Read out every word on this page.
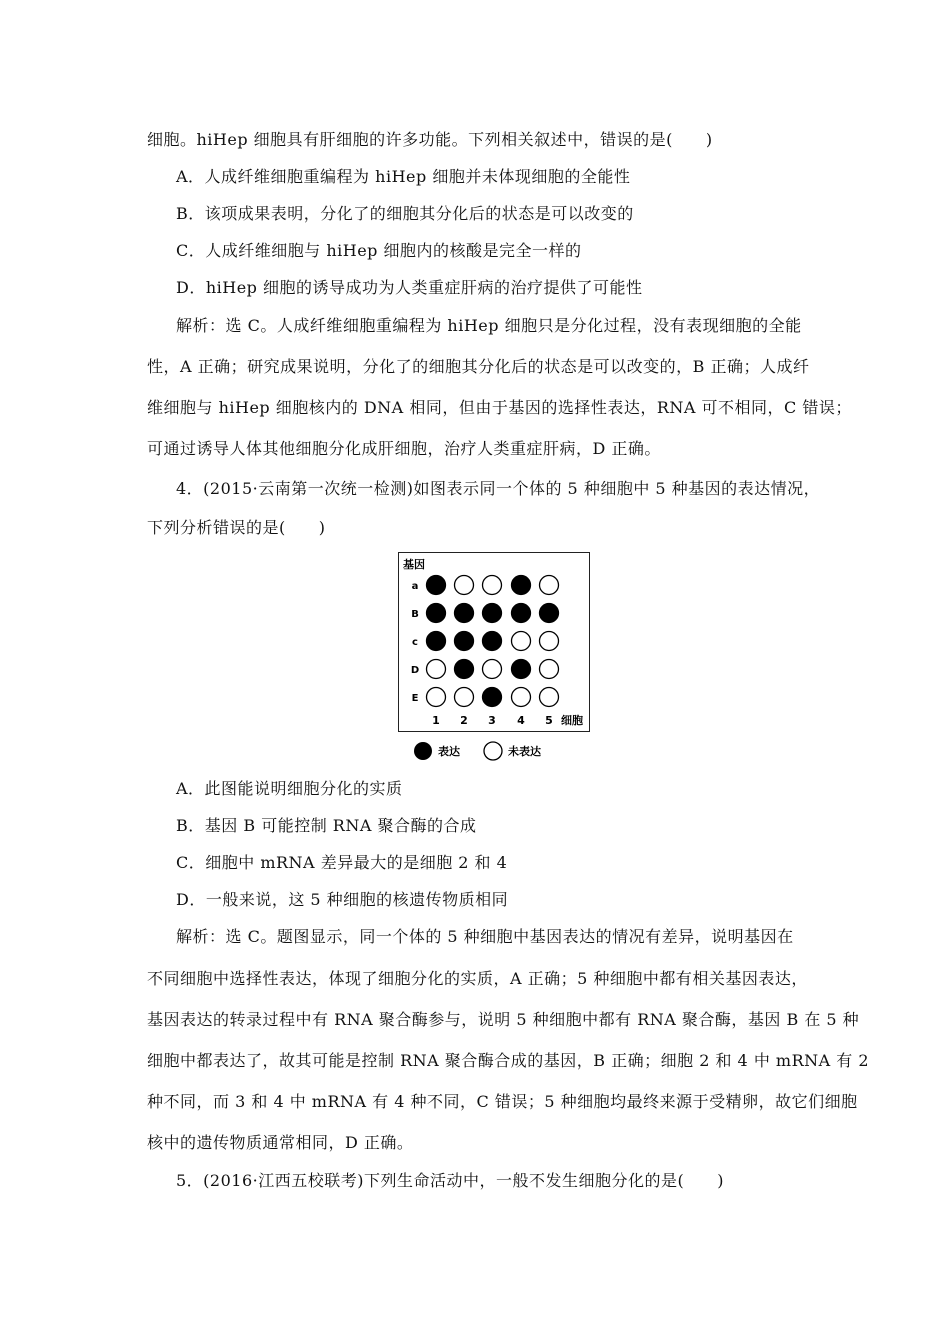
细胞。hiHep 细胞具有肝细胞的许多功能。下列相关叙述中，错误的是(　　)
A．人成纤维细胞重编程为 hiHep 细胞并未体现细胞的全能性
B．该项成果表明，分化了的细胞其分化后的状态是可以改变的
C．人成纤维细胞与 hiHep 细胞内的核酸是完全一样的
D．hiHep 细胞的诱导成功为人类重症肝病的治疗提供了可能性
解析：选 C。人成纤维细胞重编程为 hiHep 细胞只是分化过程，没有表现细胞的全能
性，A 正确；研究成果说明，分化了的细胞其分化后的状态是可以改变的，B 正确；人成纤
维细胞与 hiHep 细胞核内的 DNA 相同，但由于基因的选择性表达，RNA 可不相同，C 错误；
可通过诱导人体其他细胞分化成肝细胞，治疗人类重症肝病，D 正确。
4．(2015·云南第一次统一检测)如图表示同一个体的 5 种细胞中 5 种基因的表达情况，
下列分析错误的是(　　)
A．此图能说明细胞分化的实质
B．基因 B 可能控制 RNA 聚合酶的合成
C．细胞中 mRNA 差异最大的是细胞 2 和 4
D．一般来说，这 5 种细胞的核遗传物质相同
解析：选 C。题图显示，同一个体的 5 种细胞中基因表达的情况有差异，说明基因在
不同细胞中选择性表达，体现了细胞分化的实质，A 正确；5 种细胞中都有相关基因表达，
基因表达的转录过程中有 RNA 聚合酶参与，说明 5 种细胞中都有 RNA 聚合酶，基因 B 在 5 种
细胞中都表达了，故其可能是控制 RNA 聚合酶合成的基因，B 正确；细胞 2 和 4 中 mRNA 有 2
种不同，而 3 和 4 中 mRNA 有 4 种不同，C 错误；5 种细胞均最终来源于受精卵，故它们细胞
核中的遗传物质通常相同，D 正确。
5．(2016·江西五校联考)下列生命活动中，一般不发生细胞分化的是(　　)
基因
a
B
c
D
E
1 2 3 4 5 细胞
表达	未表达
